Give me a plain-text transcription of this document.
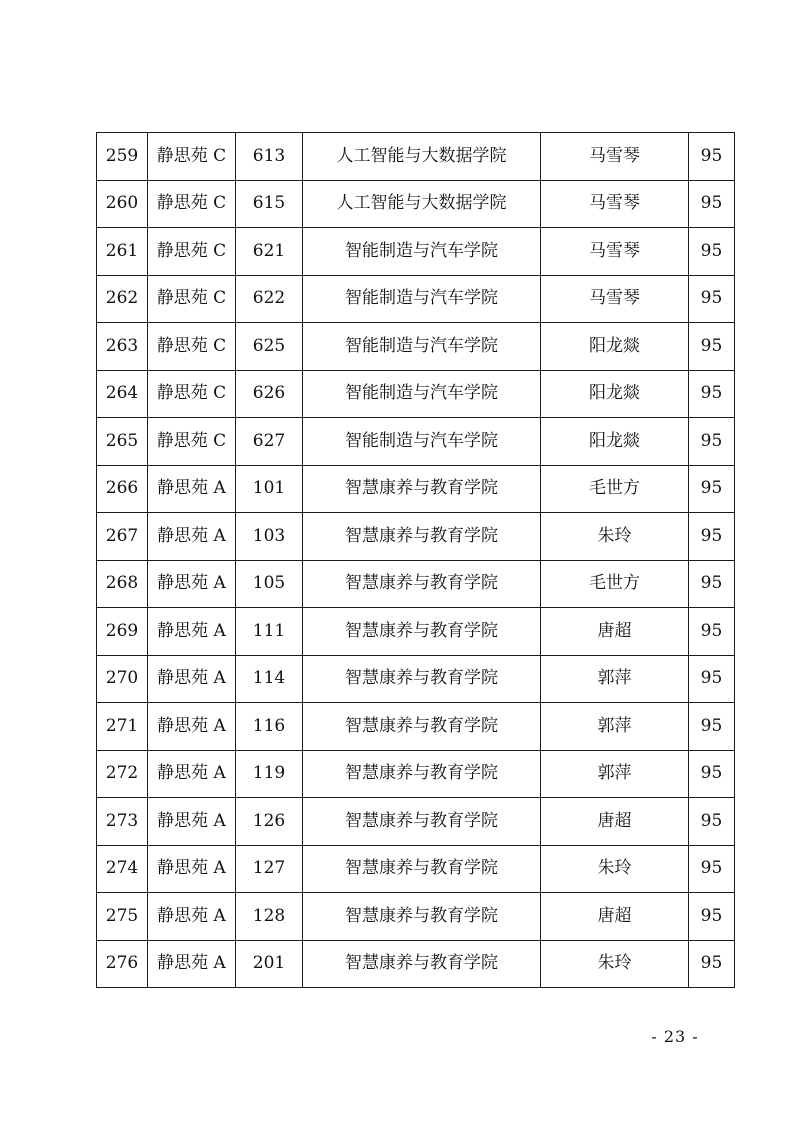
259	静思苑 C	613	人工智能与大数据学院	马雪琴	95
260	静思苑 C	615	人工智能与大数据学院	马雪琴	95
261	静思苑 C	621	智能制造与汽车学院	马雪琴	95
262	静思苑 C	622	智能制造与汽车学院	马雪琴	95
263	静思苑 C	625	智能制造与汽车学院	阳龙燚	95
264	静思苑 C	626	智能制造与汽车学院	阳龙燚	95
265	静思苑 C	627	智能制造与汽车学院	阳龙燚	95
266	静思苑 A	101	智慧康养与教育学院	毛世方	95
267	静思苑 A	103	智慧康养与教育学院	朱玲	95
268	静思苑 A	105	智慧康养与教育学院	毛世方	95
269	静思苑 A	111	智慧康养与教育学院	唐超	95
270	静思苑 A	114	智慧康养与教育学院	郭萍	95
271	静思苑 A	116	智慧康养与教育学院	郭萍	95
272	静思苑 A	119	智慧康养与教育学院	郭萍	95
273	静思苑 A	126	智慧康养与教育学院	唐超	95
274	静思苑 A	127	智慧康养与教育学院	朱玲	95
275	静思苑 A	128	智慧康养与教育学院	唐超	95
276	静思苑 A	201	智慧康养与教育学院	朱玲	95
- 23 -
